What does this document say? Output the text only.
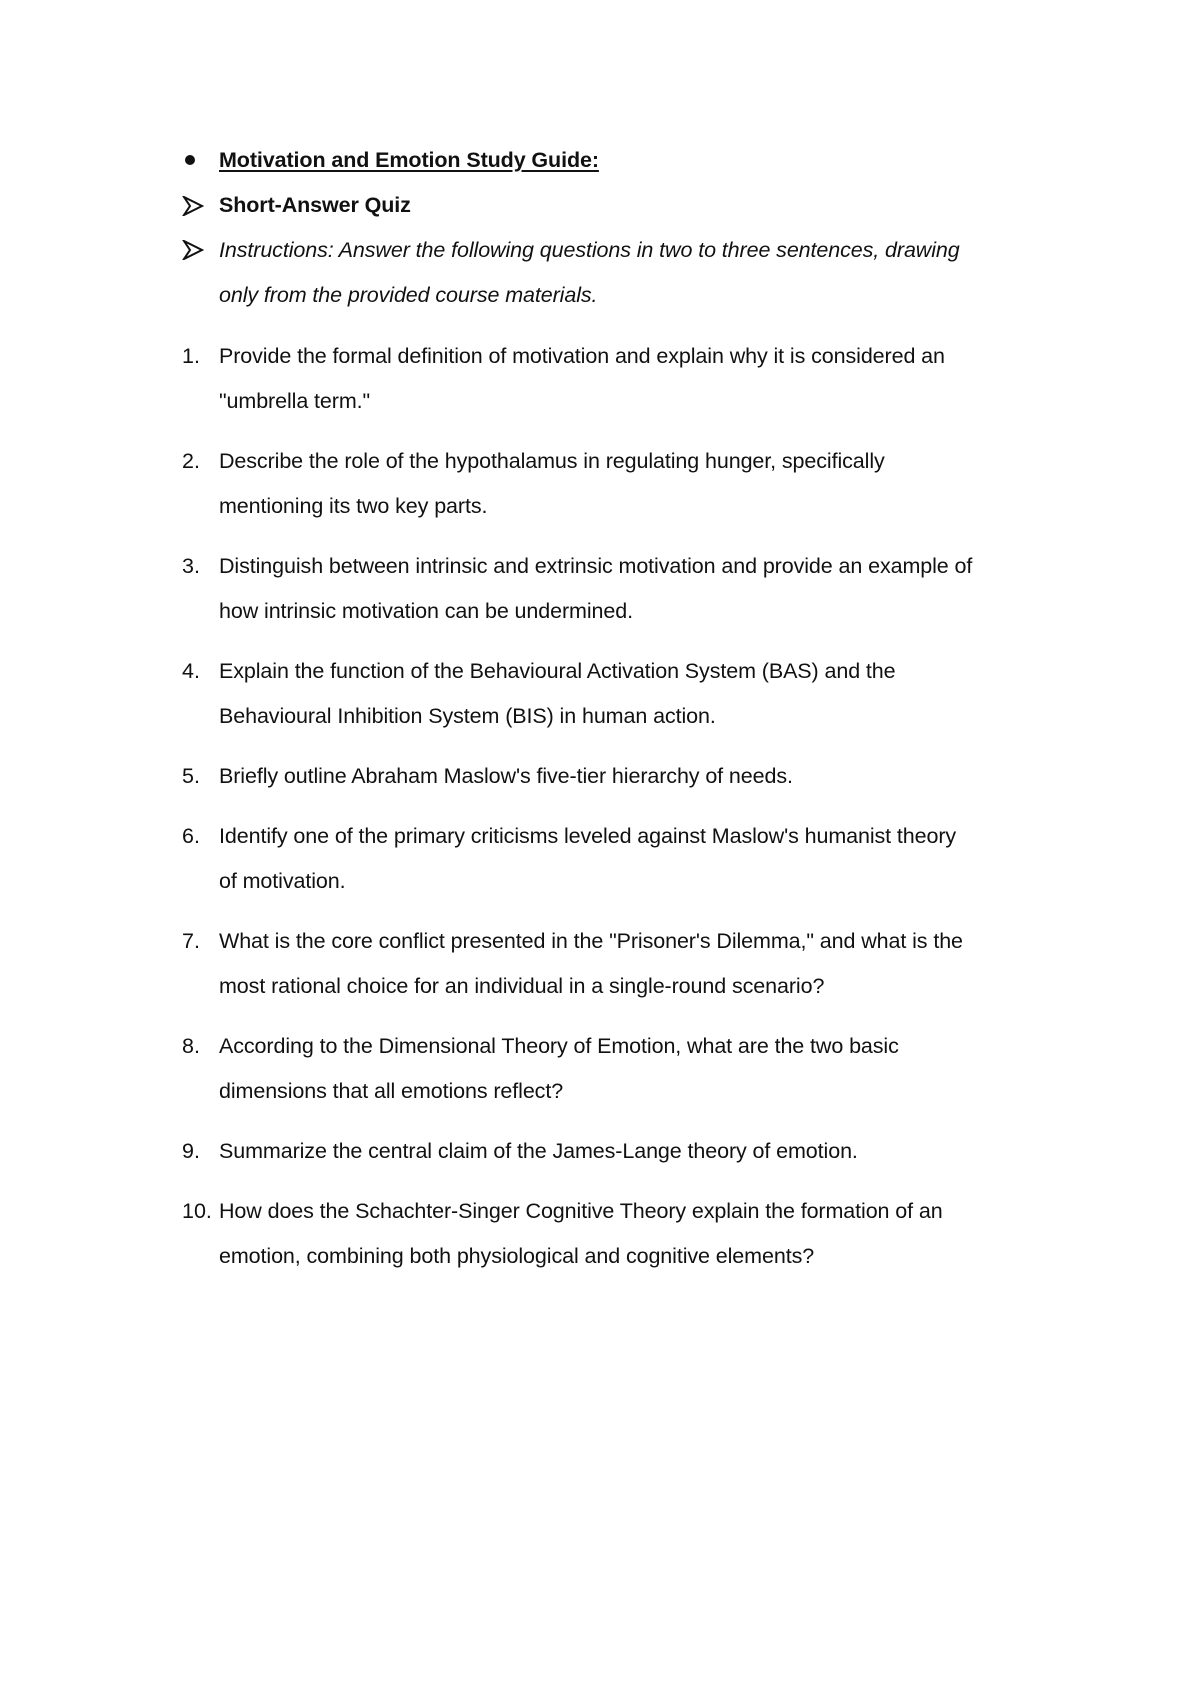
Motivation and Emotion Study Guide:
Short-Answer Quiz
Instructions: Answer the following questions in two to three sentences, drawing
only from the provided course materials.
1. Provide the formal definition of motivation and explain why it is considered an
"umbrella term."
2. Describe the role of the hypothalamus in regulating hunger, specifically
mentioning its two key parts.
3. Distinguish between intrinsic and extrinsic motivation and provide an example of
how intrinsic motivation can be undermined.
4. Explain the function of the Behavioural Activation System (BAS) and the
Behavioural Inhibition System (BIS) in human action.
5. Briefly outline Abraham Maslow's five-tier hierarchy of needs.
6. Identify one of the primary criticisms leveled against Maslow's humanist theory
of motivation.
7. What is the core conflict presented in the "Prisoner's Dilemma," and what is the
most rational choice for an individual in a single-round scenario?
8. According to the Dimensional Theory of Emotion, what are the two basic
dimensions that all emotions reflect?
9. Summarize the central claim of the James-Lange theory of emotion.
10. How does the Schachter-Singer Cognitive Theory explain the formation of an
emotion, combining both physiological and cognitive elements?
